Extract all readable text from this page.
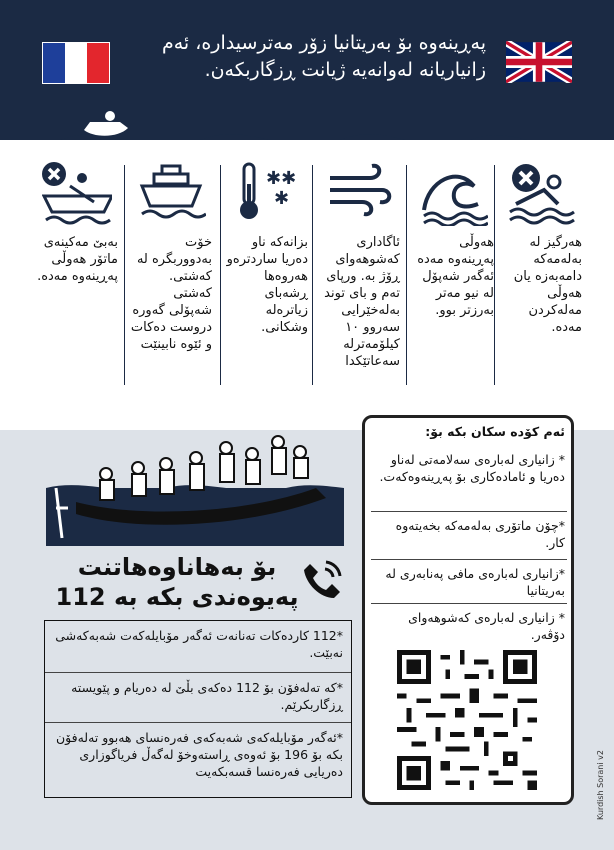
پەڕینەوە بۆ بەریتانیا زۆر مەترسیدارە، ئەم زانیاریانە لەوانەیە ژیانت ڕزگاربکەن.
هەرگیز لە بەلەمەکە دامەبەزە یان هەوڵی مەلەکردن مەدە.
هەوڵی پەڕینەوە مەدە ئەگەر شەپۆل لە نیو مەتر بەرزتر بوو.
ئاگاداری کەشوهەوای ڕۆژ بە. ورپای تەم و بای توند بەلەخێرایی سەروو ۱٠ کیلۆمەترلە سەعاتێکدا
✱✱
✱
بزانەکە ناو دەریا ساردترەو هەروەها ڕشەبای زیاترەلە وشکانی.
خۆت بەدووربگرە لە کەشتی. کەشتی شەپۆلی گەورە دروست دەکات و ئێوە نابینێت
بەبێ مەکینەی ماتۆر هەوڵی پەڕینەوە مەدە.
بۆ بەهاناوەهاتنت پەیوەندی بکە بە 112
*112 کاردەکات تەنانەت ئەگەر مۆبایلەکەت شەبەکەشی نەبێت.
*کە تەلەفۆن بۆ 112 دەکەی بڵێ لە دەریام و پێویستە ڕزگاربکرێم.
*ئەگەر مۆبایلەکەی شەبەکەی فەرەنسای هەبوو تەلەفۆن بکە بۆ 196 بۆ ئەوەی ڕاستەوخۆ لەگەڵ فریاگوزاری دەریایی فەرەنسا قسەبکەیت
ئەم کۆدە سکان بکە بۆ:
* زانیاری لەبارەی سەلامەتی لەناو دەریا و ئامادەکاری بۆ پەڕینەوەکەت.
*چۆن ماتۆری بەلەمەکە بخەیتەوە کار.
*زانیاری لەبارەی مافی پەنابەری لە بەریتانیا
* زانیاری لەبارەی کەشوهەوای دۆڤەر.
Kurdish Sorani v2
